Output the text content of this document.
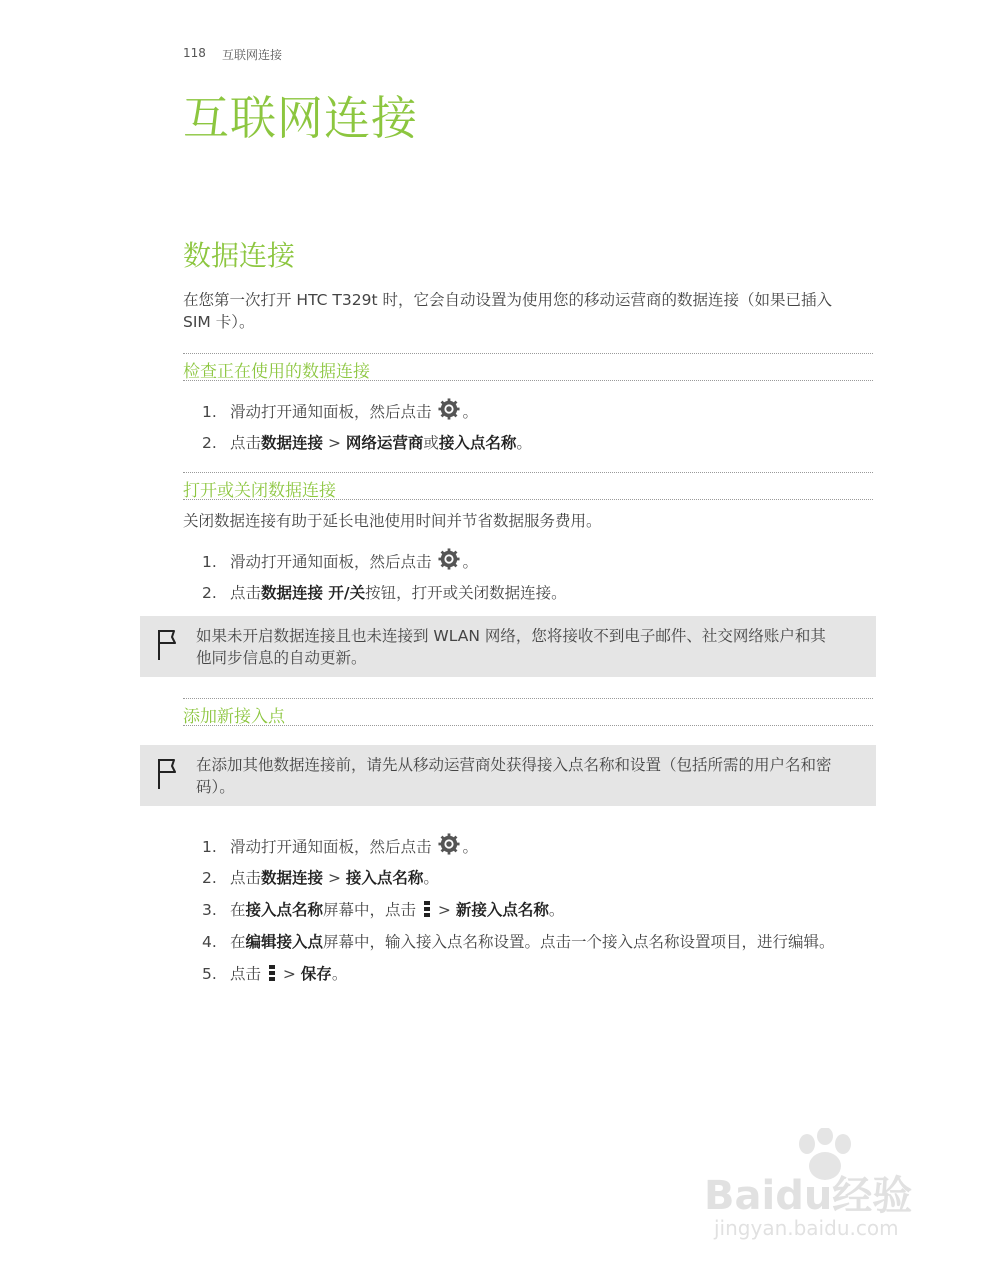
118 互联网连接
互联网连接
数据连接
在您第一次打开 HTC T329t 时，它会自动设置为使用您的移动运营商的数据连接（如果已插入
SIM 卡）。
检查正在使用的数据连接
1. 滑动打开通知面板，然后点击 。
2. 点击数据连接 > 网络运营商或接入点名称。
打开或关闭数据连接
关闭数据连接有助于延长电池使用时间并节省数据服务费用。
1. 滑动打开通知面板，然后点击 。
2. 点击数据连接 开/关按钮，打开或关闭数据连接。
如果未开启数据连接且也未连接到 WLAN 网络，您将接收不到电子邮件、社交网络账户和其
他同步信息的自动更新。
添加新接入点
在添加其他数据连接前，请先从移动运营商处获得接入点名称和设置（包括所需的用户名和密
码）。
1. 滑动打开通知面板，然后点击 。
2. 点击数据连接 > 接入点名称。
3. 在接入点名称屏幕中，点击  > 新接入点名称。
4. 在编辑接入点屏幕中，输入接入点名称设置。点击一个接入点名称设置项目，进行编辑。
5. 点击  > 保存。
Baidu经验
jingyan.baidu.com
